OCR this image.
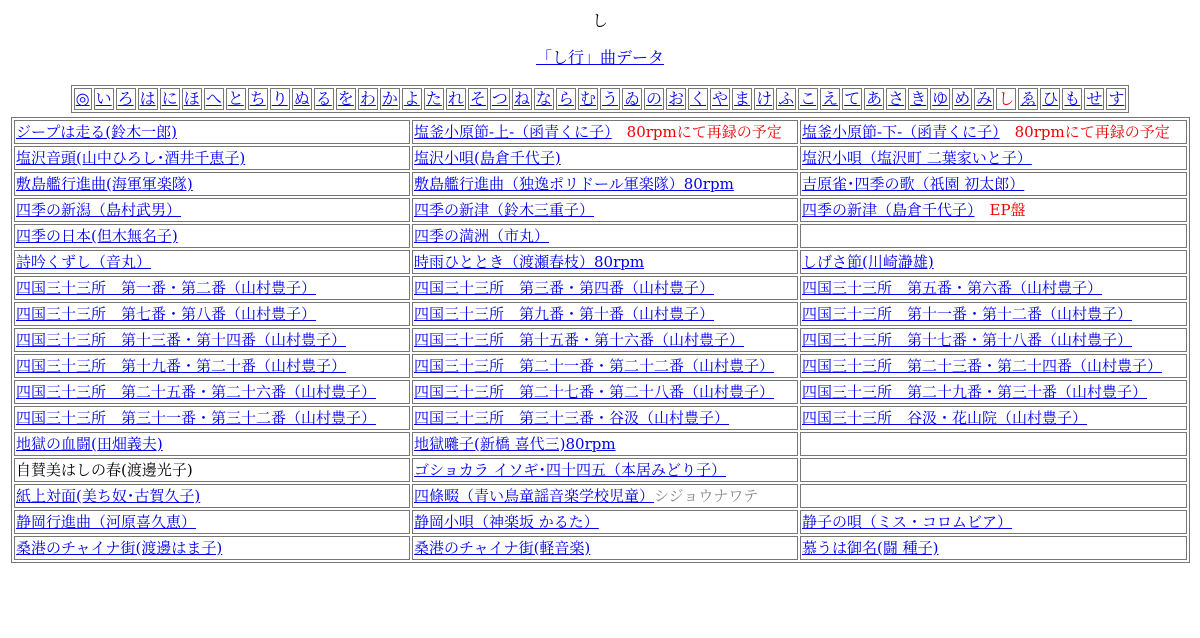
し
「し行」曲データ
◎	い	ろ	は	に	ほ	へ	と	ち	り	ぬ	る	を	わ	か	よ	た	れ	そ	つ	ね	な	ら	む	う	ゐ	の	お	く	や	ま	け	ふ	こ	え	て	あ	さ	き	ゆ	め	み	し	ゑ	ひ	も	せ	す
ジープは走る(鈴木一郎)	塩釜小原節-上-（函青くに子）　80rpmにて再録の予定	塩釜小原節-下-（函青くに子）　80rpmにて再録の予定
塩沢音頭(山中ひろし･酒井千恵子)	塩沢小唄(島倉千代子)	塩沢小唄（塩沢町 二葉家いと子）
敷島艦行進曲(海軍軍楽隊)	敷島艦行進曲（独逸ポリドール軍楽隊）80rpm	吉原雀･四季の歌（祇園 初太郎）
四季の新潟（島村武男）	四季の新津（鈴木三重子）	四季の新津（島倉千代子）　EP盤
四季の日本(但木無名子)	四季の満洲（市丸）	
詩吟くずし（音丸）	時雨ひととき（渡瀬春枝）80rpm	しげさ節(川崎瀞雄)
四国三十三所　第一番・第二番（山村豊子）	四国三十三所　第三番・第四番（山村豊子）	四国三十三所　第五番・第六番（山村豊子）
四国三十三所　第七番・第八番（山村豊子）	四国三十三所　第九番・第十番（山村豊子）	四国三十三所　第十一番・第十二番（山村豊子）
四国三十三所　第十三番・第十四番（山村豊子）	四国三十三所　第十五番・第十六番（山村豊子）	四国三十三所　第十七番・第十八番（山村豊子）
四国三十三所　第十九番・第二十番（山村豊子）	四国三十三所　第二十一番・第二十二番（山村豊子）	四国三十三所　第二十三番・第二十四番（山村豊子）
四国三十三所　第二十五番・第二十六番（山村豊子）	四国三十三所　第二十七番・第二十八番（山村豊子）	四国三十三所　第二十九番・第三十番（山村豊子）
四国三十三所　第三十一番・第三十二番（山村豊子）	四国三十三所　第三十三番・谷汲（山村豊子）	四国三十三所　谷汲・花山院（山村豊子）
地獄の血闘(田畑義夫)	地獄囃子(新橋 喜代三)80rpm	
自賛美はしの春(渡邊光子)	ゴショカラ イソギ･四十四五（本居みどり子）	
紙上対面(美ち奴･古賀久子)	四條畷（青い鳥童謡音楽学校児童）シジョウナワテ	
静岡行進曲（河原喜久恵）	静岡小唄（神楽坂 かるた）	静子の唄（ミス・コロムビア）
桑港のチャイナ街(渡邊はま子)	桑港のチャイナ街(軽音楽)	慕うは御名(闘 種子)
